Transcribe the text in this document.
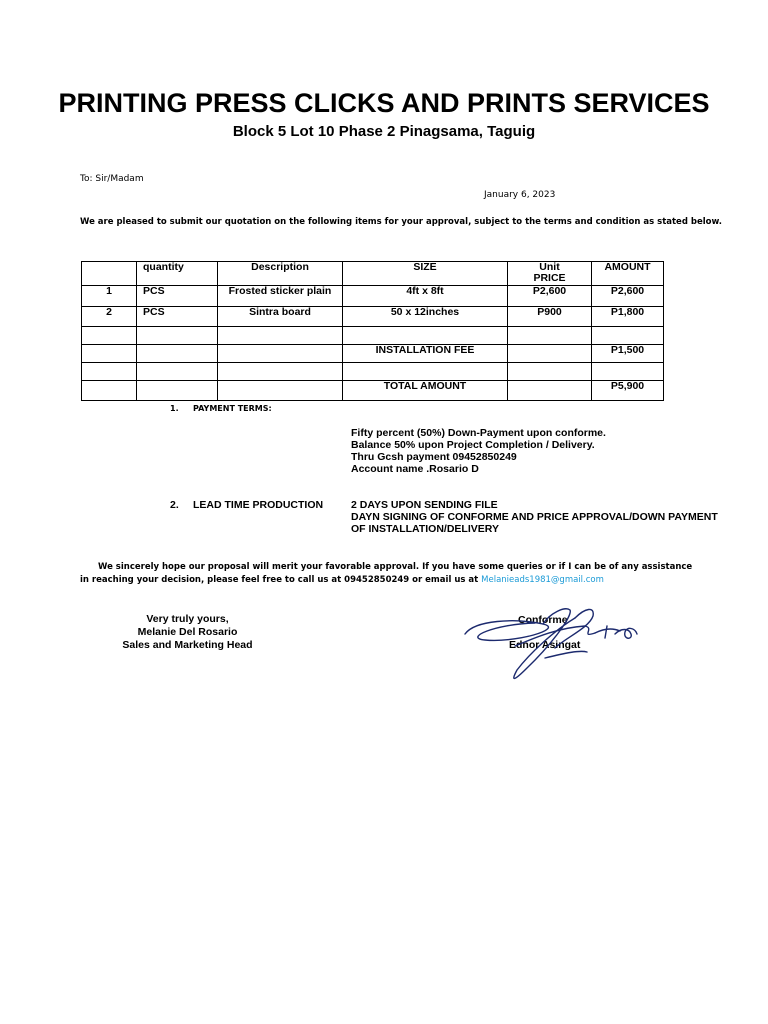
PRINTING PRESS CLICKS AND PRINTS SERVICES
Block 5 Lot 10 Phase 2 Pinagsama, Taguig
To: Sir/Madam
January 6, 2023
We are pleased to submit our quotation on the following items for your approval, subject to the terms and condition as stated below.
	quantity	Description	SIZE	Unit PRICE	AMOUNT
1	PCS	Frosted sticker plain	4ft x 8ft	P2,600	P2,600
2	PCS	Sintra board	50 x 12inches	P900	P1,800

			INSTALLATION FEE		P1,500

			TOTAL AMOUNT		P5,900
1. PAYMENT TERMS:
Fifty percent (50%) Down-Payment upon conforme.
Balance 50% upon Project Completion / Delivery.
Thru Gcsh payment 09452850249
Account name .Rosario D
2. LEAD TIME PRODUCTION	2 DAYS UPON SENDING FILE
DAYN SIGNING OF CONFORME AND PRICE APPROVAL/DOWN PAYMENT OF INSTALLATION/DELIVERY
We sincerely hope our proposal will merit your favorable approval. If you have some queries or if I can be of any assistance in reaching your decision, please feel free to call us at 09452850249 or email us at Melanieads1981@gmail.com
Very truly yours,
Melanie Del Rosario
Sales and Marketing Head
Conforme
Ednor Asingat
